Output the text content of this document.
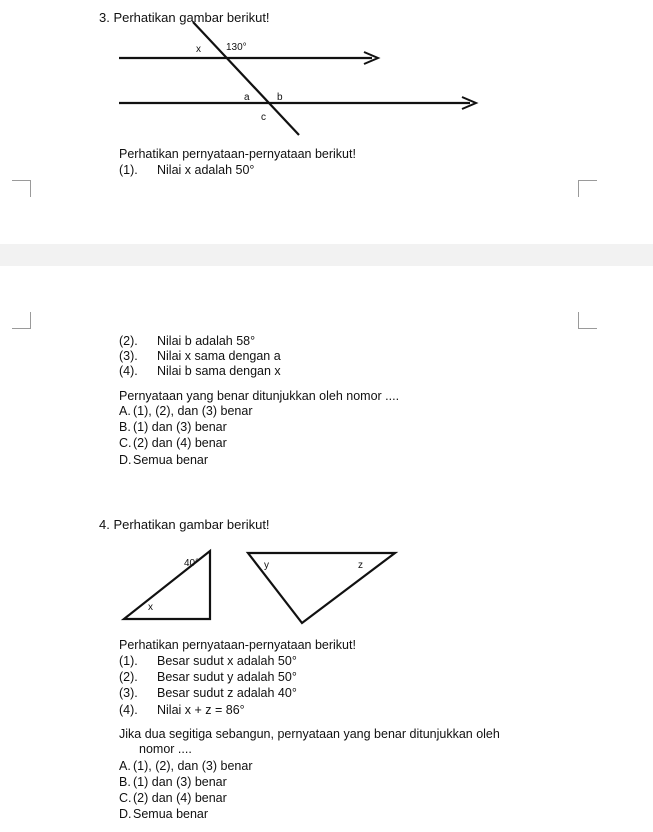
3. Perhatikan gambar berikut!
x	130°
a	b
c
40°
x
y	z
Perhatikan pernyataan-pernyataan berikut!
(1). Nilai x adalah 50°
(2). Nilai b adalah 58°
(3). Nilai x sama dengan a
(4). Nilai b sama dengan x
Pernyataan yang benar ditunjukkan oleh nomor ....
A. (1), (2), dan (3) benar
B. (1) dan (3) benar
C. (2) dan (4) benar
D. Semua benar
4. Perhatikan gambar berikut!
Perhatikan pernyataan-pernyataan berikut!
(1). Besar sudut x adalah 50°
(2). Besar sudut y adalah 50°
(3). Besar sudut z adalah 40°
(4). Nilai x + z = 86°
Jika dua segitiga sebangun, pernyataan yang benar ditunjukkan oleh
nomor ....
A. (1), (2), dan (3) benar
B. (1) dan (3) benar
C. (2) dan (4) benar
D. Semua benar
